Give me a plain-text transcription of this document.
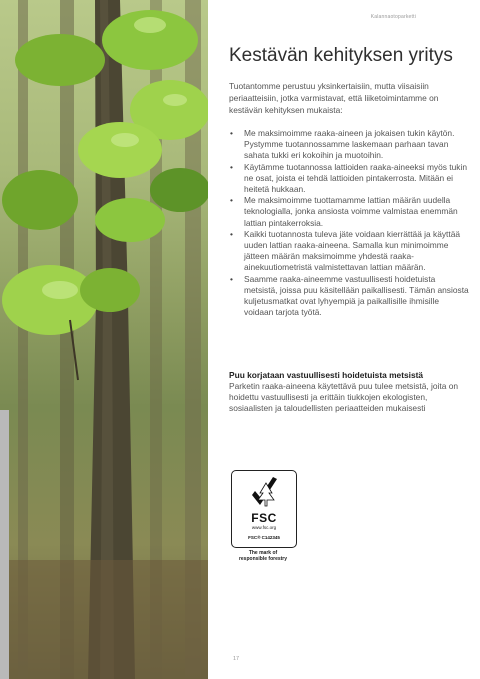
Kalannaotoparketti
Kestävän kehityksen yritys

Tuotantomme perustuu yksinkertaisiin, mutta viisaisiin periaatteisiin, jotka varmistavat, että liiketoimintamme on kestävän kehityksen mukaista:

• Me maksimoimme raaka-aineen ja jokaisen tukin käytön. Pystymme tuotannossamme laskemaan parhaan tavan sahata tukki eri kokoihin ja muotoihin.
• Käytämme tuotannossa lattioiden raaka-aineeksi myös tukin ne osat, joista ei tehdä lattioiden pintakerrosta. Mitään ei heitetä hukkaan.
• Me maksimoimme tuottamamme lattian määrän uudella teknologialla, jonka ansiosta voimme valmistaa enemmän lattian pintakerroksia.
• Kaikki tuotannosta tuleva jäte voidaan kierrättää ja käyttää uuden lattian raaka-aineena. Samalla kun minimoimme jätteen määrän maksimoimme yhdestä raaka-ainekuutiometristä valmistettavan lattian määrän.
• Saamme raaka-aineemme vastuullisesti hoidetuista metsistä, joissa puu käsitellään paikallisesti. Tämän ansiosta kuljetusmatkat ovat lyhyempiä ja paikallisille ihmisille voidaan tarjota työtä.

Puu korjataan vastuullisesti hoidetuista metsistä

Parketin raaka-aineena käytettävä puu tulee metsistä, joita on hoidettu vastuullisesti ja erittäin tiukkojen ekologisten, sosiaalisten ja taloudellisten periaatteiden mukaisesti

FSC
www.fsc.org
FSC® C142345
The mark of
responsible forestry
17
